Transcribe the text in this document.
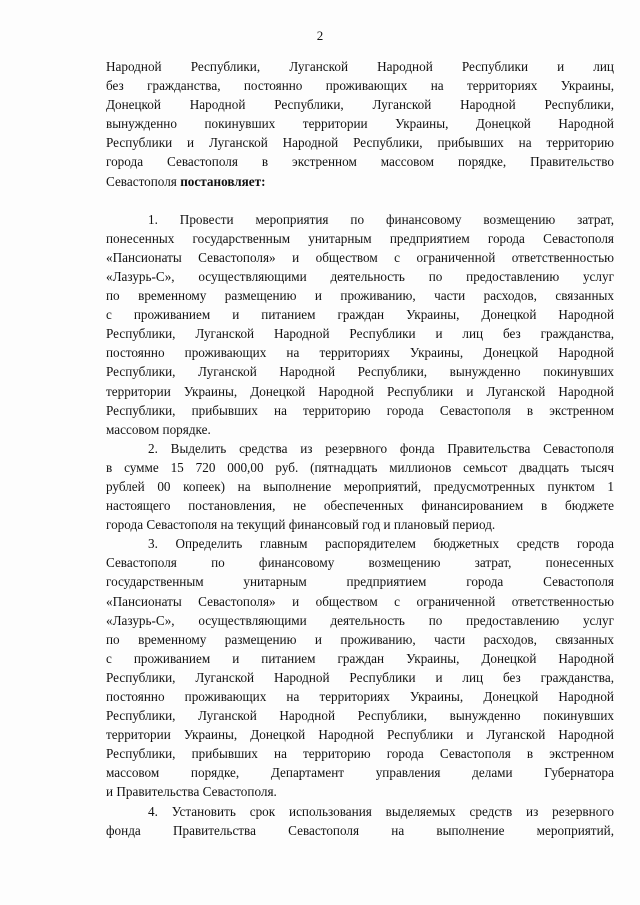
2
Народной Республики, Луганской Народной Республики и лиц
без гражданства, постоянно проживающих на территориях Украины,
Донецкой Народной Республики, Луганской Народной Республики,
вынужденно покинувших территории Украины, Донецкой Народной
Республики и Луганской Народной Республики, прибывших на территорию
города Севастополя в экстренном массовом порядке, Правительство
Севастополя постановляет:
1. Провести мероприятия по финансовому возмещению затрат,
понесенных государственным унитарным предприятием города Севастополя
«Пансионаты Севастополя» и обществом с ограниченной ответственностью
«Лазурь-С», осуществляющими деятельность по предоставлению услуг
по временному размещению и проживанию, части расходов, связанных
с проживанием и питанием граждан Украины, Донецкой Народной
Республики, Луганской Народной Республики и лиц без гражданства,
постоянно проживающих на территориях Украины, Донецкой Народной
Республики, Луганской Народной Республики, вынужденно покинувших
территории Украины, Донецкой Народной Республики и Луганской Народной
Республики, прибывших на территорию города Севастополя в экстренном
массовом порядке.
2. Выделить средства из резервного фонда Правительства Севастополя
в сумме 15 720 000,00 руб. (пятнадцать миллионов семьсот двадцать тысяч
рублей 00 копеек) на выполнение мероприятий, предусмотренных пунктом 1
настоящего постановления, не обеспеченных финансированием в бюджете
города Севастополя на текущий финансовый год и плановый период.
3. Определить главным распорядителем бюджетных средств города
Севастополя по финансовому возмещению затрат, понесенных
государственным унитарным предприятием города Севастополя
«Пансионаты Севастополя» и обществом с ограниченной ответственностью
«Лазурь-С», осуществляющими деятельность по предоставлению услуг
по временному размещению и проживанию, части расходов, связанных
с проживанием и питанием граждан Украины, Донецкой Народной
Республики, Луганской Народной Республики и лиц без гражданства,
постоянно проживающих на территориях Украины, Донецкой Народной
Республики, Луганской Народной Республики, вынужденно покинувших
территории Украины, Донецкой Народной Республики и Луганской Народной
Республики, прибывших на территорию города Севастополя в экстренном
массовом порядке, Департамент управления делами Губернатора
и Правительства Севастополя.
4. Установить срок использования выделяемых средств из резервного
фонда Правительства Севастополя на выполнение мероприятий,
